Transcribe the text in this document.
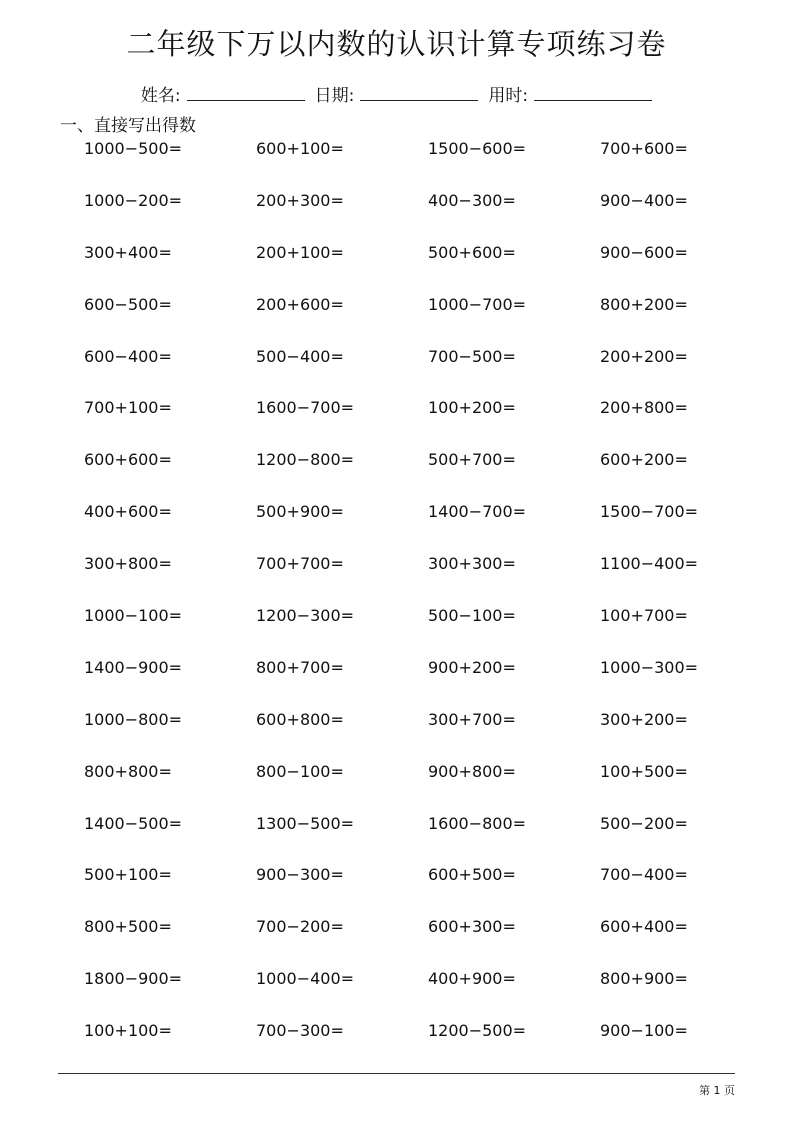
二年级下万以内数的认识计算专项练习卷
姓名:	日期:	用时:
一、直接写出得数
1000−500=	600+100=	1500−600=	700+600=
1000−200=	200+300=	400−300=	900−400=
300+400=	200+100=	500+600=	900−600=
600−500=	200+600=	1000−700=	800+200=
600−400=	500−400=	700−500=	200+200=
700+100=	1600−700=	100+200=	200+800=
600+600=	1200−800=	500+700=	600+200=
400+600=	500+900=	1400−700=	1500−700=
300+800=	700+700=	300+300=	1100−400=
1000−100=	1200−300=	500−100=	100+700=
1400−900=	800+700=	900+200=	1000−300=
1000−800=	600+800=	300+700=	300+200=
800+800=	800−100=	900+800=	100+500=
1400−500=	1300−500=	1600−800=	500−200=
500+100=	900−300=	600+500=	700−400=
800+500=	700−200=	600+300=	600+400=
1800−900=	1000−400=	400+900=	800+900=
100+100=	700−300=	1200−500=	900−100=
第 1 页
